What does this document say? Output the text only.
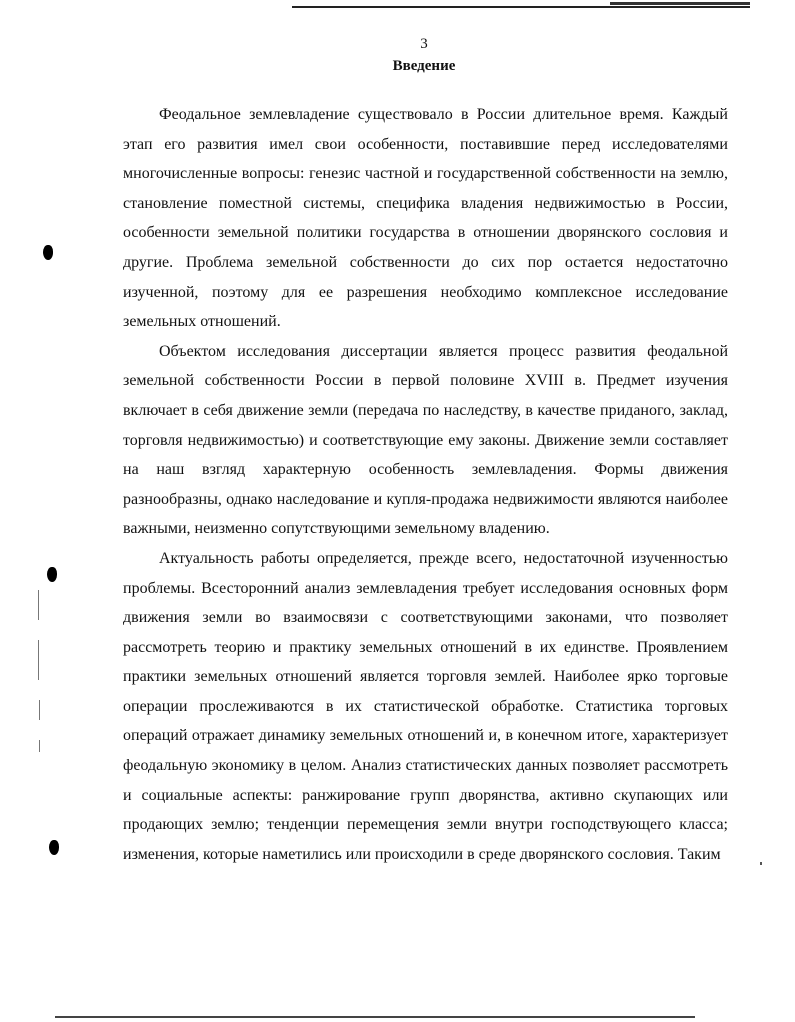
3
Введение

Феодальное землевладение существовало в России длительное время. Каждый этап его развития имел свои особенности, поставившие перед исследователями многочисленные вопросы: генезис частной и государственной собственности на землю, становление поместной системы, специфика владения недвижимостью в России, особенности земельной политики государства в отношении дворянского сословия и другие. Проблема земельной собственности до сих пор остается недостаточно изученной, поэтому для ее разрешения необходимо комплексное исследование земельных отношений.

Объектом исследования диссертации является процесс развития феодальной земельной собственности России в первой половине XVIII в. Предмет изучения включает в себя движение земли (передача по наследству, в качестве приданого, заклад, торговля недвижимостью) и соответствующие ему законы. Движение земли составляет на наш взгляд характерную особенность землевладения. Формы движения разнообразны, однако наследование и купля-продажа недвижимости являются наиболее важными, неизменно сопутствующими земельному владению.

Актуальность работы определяется, прежде всего, недостаточной изученностью проблемы. Всесторонний анализ землевладения требует исследования основных форм движения земли во взаимосвязи с соответствующими законами, что позволяет рассмотреть теорию и практику земельных отношений в их единстве. Проявлением практики земельных отношений является торговля землей. Наиболее ярко торговые операции прослеживаются в их статистической обработке. Статистика торговых операций отражает динамику земельных отношений и, в конечном итоге, характеризует феодальную экономику в целом. Анализ статистических данных позволяет рассмотреть и социальные аспекты: ранжирование групп дворянства, активно скупающих или продающих землю; тенденции перемещения земли внутри господствующего класса; изменения, которые наметились или происходили в среде дворянского сословия. Таким
